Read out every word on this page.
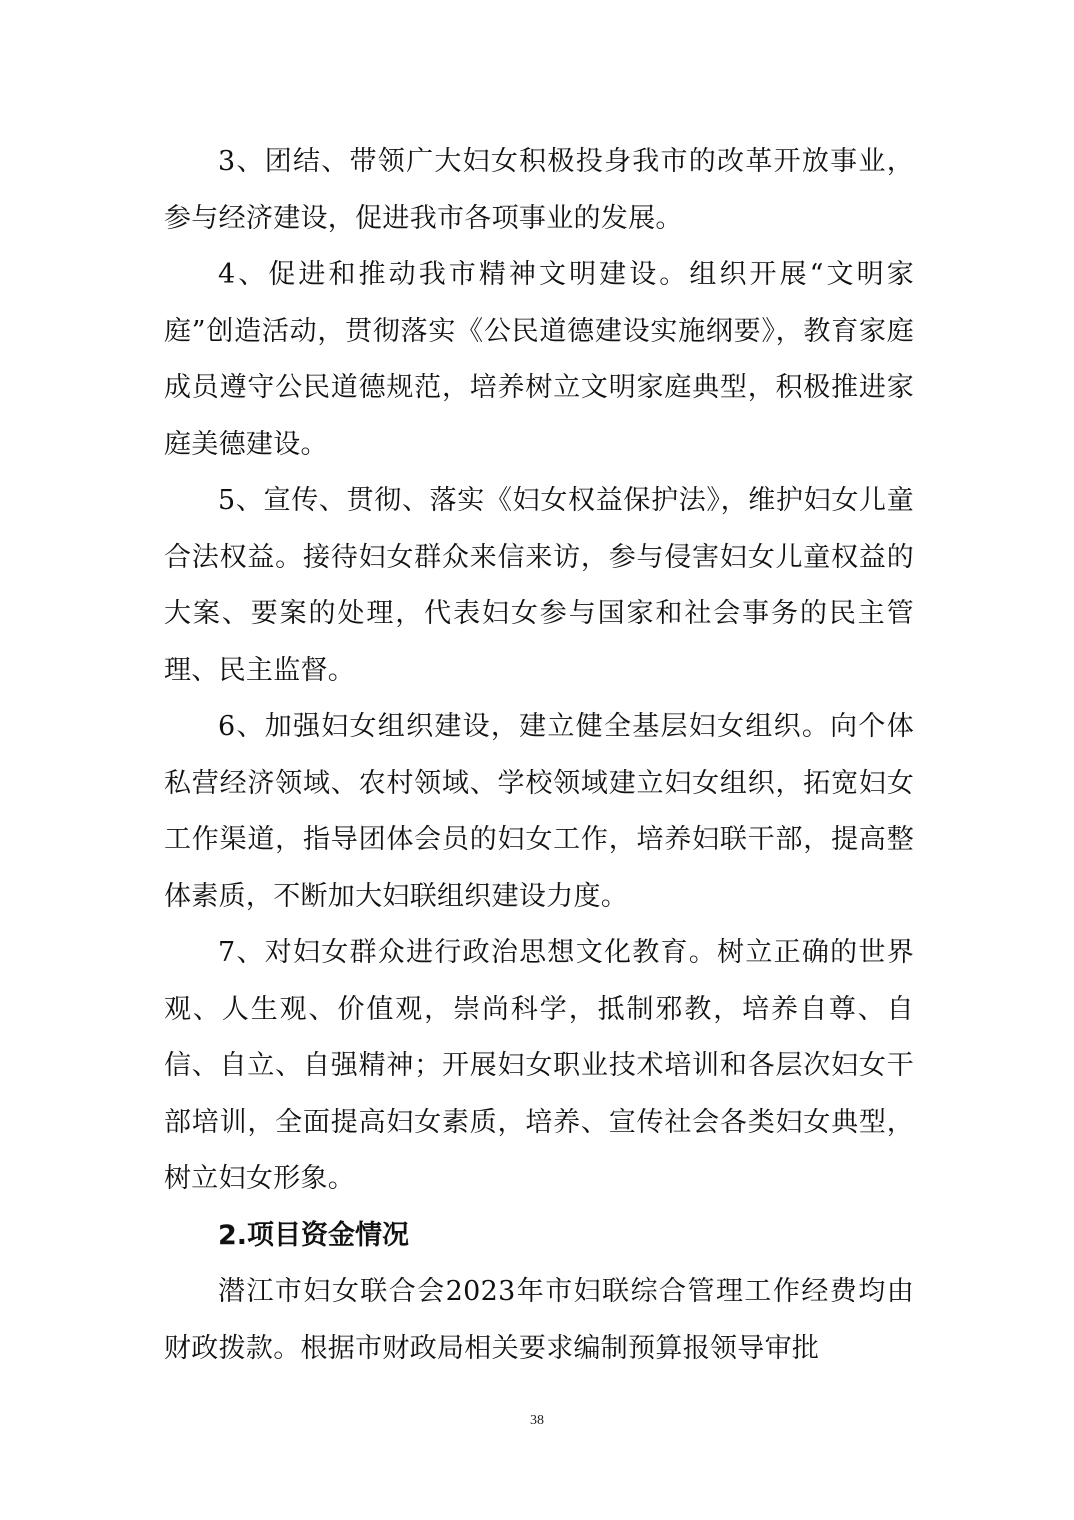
3、团结、带领广大妇女积极投身我市的改革开放事业，参与经济建设，促进我市各项事业的发展。

4、促进和推动我市精神文明建设。组织开展“文明家庭”创造活动，贯彻落实《公民道德建设实施纲要》，教育家庭成员遵守公民道德规范，培养树立文明家庭典型，积极推进家庭美德建设。

5、宣传、贯彻、落实《妇女权益保护法》，维护妇女儿童合法权益。接待妇女群众来信来访，参与侵害妇女儿童权益的大案、要案的处理，代表妇女参与国家和社会事务的民主管理、民主监督。

6、加强妇女组织建设，建立健全基层妇女组织。向个体私营经济领域、农村领域、学校领域建立妇女组织，拓宽妇女工作渠道，指导团体会员的妇女工作，培养妇联干部，提高整体素质，不断加大妇联组织建设力度。

7、对妇女群众进行政治思想文化教育。树立正确的世界观、人生观、价值观，崇尚科学，抵制邪教，培养自尊、自信、自立、自强精神；开展妇女职业技术培训和各层次妇女干部培训，全面提高妇女素质，培养、宣传社会各类妇女典型，树立妇女形象。

2.项目资金情况

潜江市妇女联合会2023年市妇联综合管理工作经费均由财政拨款。根据市财政局相关要求编制预算报领导审批

38
